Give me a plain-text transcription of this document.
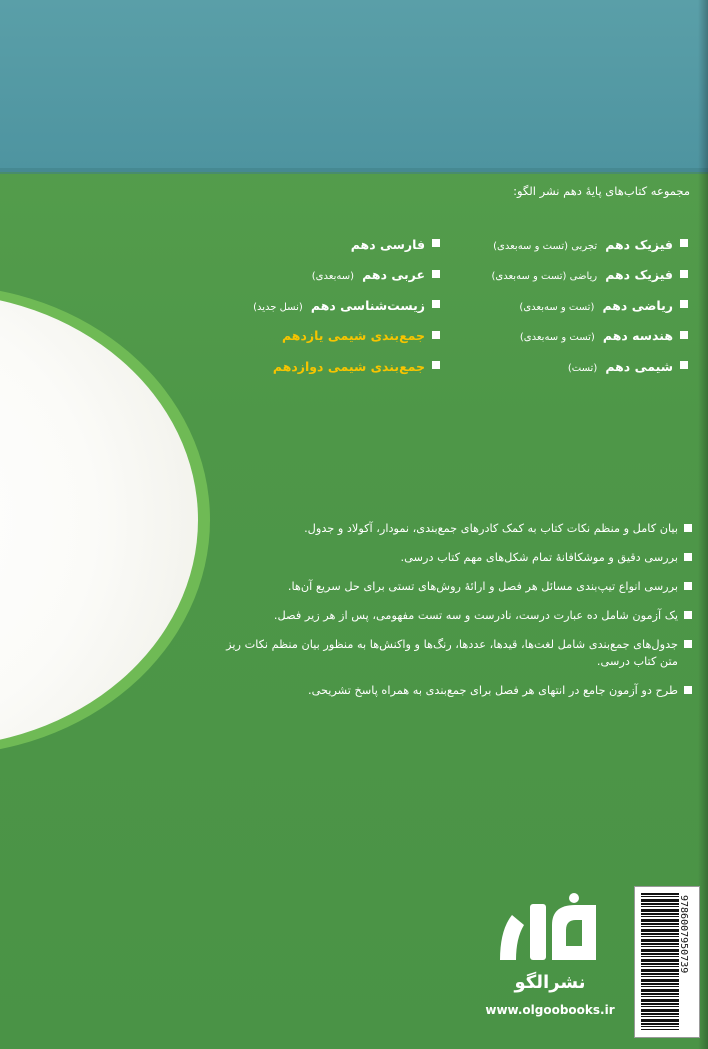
مجموعه کتاب‌های پایهٔ دهم نشر الگو:
فیزیک دهم تجربی (تست و سه‌بعدی)
فیزیک دهم ریاضی (تست و سه‌بعدی)
ریاضی دهم (تست و سه‌بعدی)
هندسه دهم (تست و سه‌بعدی)
شیمی دهم (تست)
فارسی دهم
عربی دهم (سه‌بعدی)
زیست‌شناسی دهم (نسل جدید)
جمع‌بندی شیمی یازدهم
جمع‌بندی شیمی دوازدهم
بیان کامل و منظم نکات کتاب به کمک کادرهای جمع‌بندی، نمودار، آکولاد و جدول.
بررسی دقیق و موشکافانهٔ تمام شکل‌های مهم کتاب درسی.
بررسی انواع تیپ‌بندی مسائل هر فصل و ارائهٔ روش‌های تستی برای حل سریع آن‌ها.
یک آزمون شامل ده عبارت درست، نادرست و سه تست مفهومی، پس از هر زیر فصل.
جدول‌های جمع‌بندی شامل لغت‌ها، قیدها، عددها، رنگ‌ها و واکنش‌ها به منظور بیان منظم نکات ریز متن کتاب درسی.
طرح دو آزمون جامع در انتهای هر فصل برای جمع‌بندی به همراه پاسخ تشریحی.
نشرالگو
www.olgoobooks.ir
9786007950739
